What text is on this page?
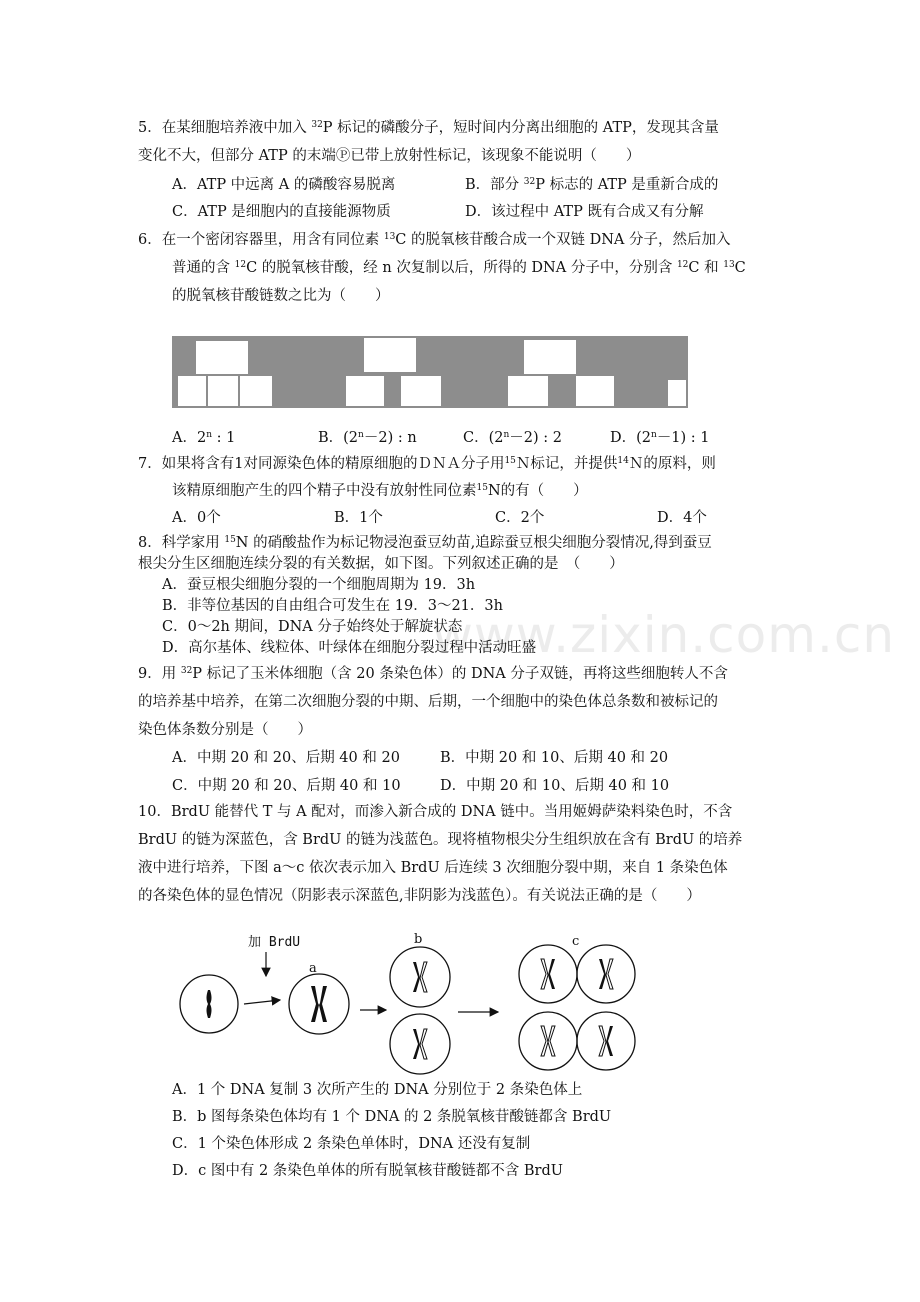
www.zixin.com.cn
5．在某细胞培养液中加入 $^{32}$P 标记的磷酸分子，短时间内分离出细胞的 ATP，发现其含量
变化不大，但部分 ATP 的末端Ⓟ已带上放射性标记，该现象不能说明（　　）
A．ATP 中远离 A 的磷酸容易脱离	B．部分 $^{32}$P 标志的 ATP 是重新合成的
C．ATP 是细胞内的直接能源物质	D．该过程中 ATP 既有合成又有分解
6．在一个密闭容器里，用含有同位素 $^{13}$C 的脱氧核苷酸合成一个双链 DNA 分子，然后加入
普通的含 $^{12}$C 的脱氧核苷酸，经 n 次复制以后，所得的 DNA 分子中，分别含 $^{12}$C 和 $^{13}$C
的脱氧核苷酸链数之比为（　　）
A．2$^n$ : 1	B．$(2^n-2)$ : n	C．$(2^n-2)$ : 2	D．$(2^n-1)$ : 1
7．如果将含有1对同源染色体的精原细胞的ＤＮＡ分子用$^{15}$Ｎ标记，并提供$^{14}$Ｎ的原料，则
该精原细胞产生的四个精子中没有放射性同位素$^{15}$N的有（　　）
A．0个	B．1个	C．2个	D．4个
8．科学家用 $^{15}$N 的硝酸盐作为标记物浸泡蚕豆幼苗,追踪蚕豆根尖细胞分裂情况,得到蚕豆
根尖分生区细胞连续分裂的有关数据，如下图。下列叙述正确的是　（　　）
A．蚕豆根尖细胞分裂的一个细胞周期为 19．3h
B．非等位基因的自由组合可发生在 19．3～21．3h
C．0～2h 期间，DNA 分子始终处于解旋状态
D．高尔基体、线粒体、叶绿体在细胞分裂过程中活动旺盛
9．用 $^{32}$P 标记了玉米体细胞（含 20 条染色体）的 DNA 分子双链，再将这些细胞转人不含
的培养基中培养，在第二次细胞分裂的中期、后期，一个细胞中的染色体总条数和被标记的
染色体条数分别是（　　）
A．中期 20 和 20、后期 40 和 20	B．中期 20 和 10、后期 40 和 20
C．中期 20 和 20、后期 40 和 10	D．中期 20 和 10、后期 40 和 10
10．BrdU 能替代 T 与 A 配对，而渗入新合成的 DNA 链中。当用姬姆萨染料染色时，不含
BrdU 的链为深蓝色，含 BrdU 的链为浅蓝色。现将植物根尖分生组织放在含有 BrdU 的培养
液中进行培养，下图 a～c 依次表示加入 BrdU 后连续 3 次细胞分裂中期，来自 1 条染色体
的各染色体的显色情况（阴影表示深蓝色,非阴影为浅蓝色）。有关说法正确的是（　　）
加 BrdU
a
b	c
A．1 个 DNA 复制 3 次所产生的 DNA 分别位于 2 条染色体上
B．b 图每条染色体均有 1 个 DNA 的 2 条脱氧核苷酸链都含 BrdU
C．1 个染色体形成 2 条染色单体时，DNA 还没有复制
D．c 图中有 2 条染色单体的所有脱氧核苷酸链都不含 BrdU
